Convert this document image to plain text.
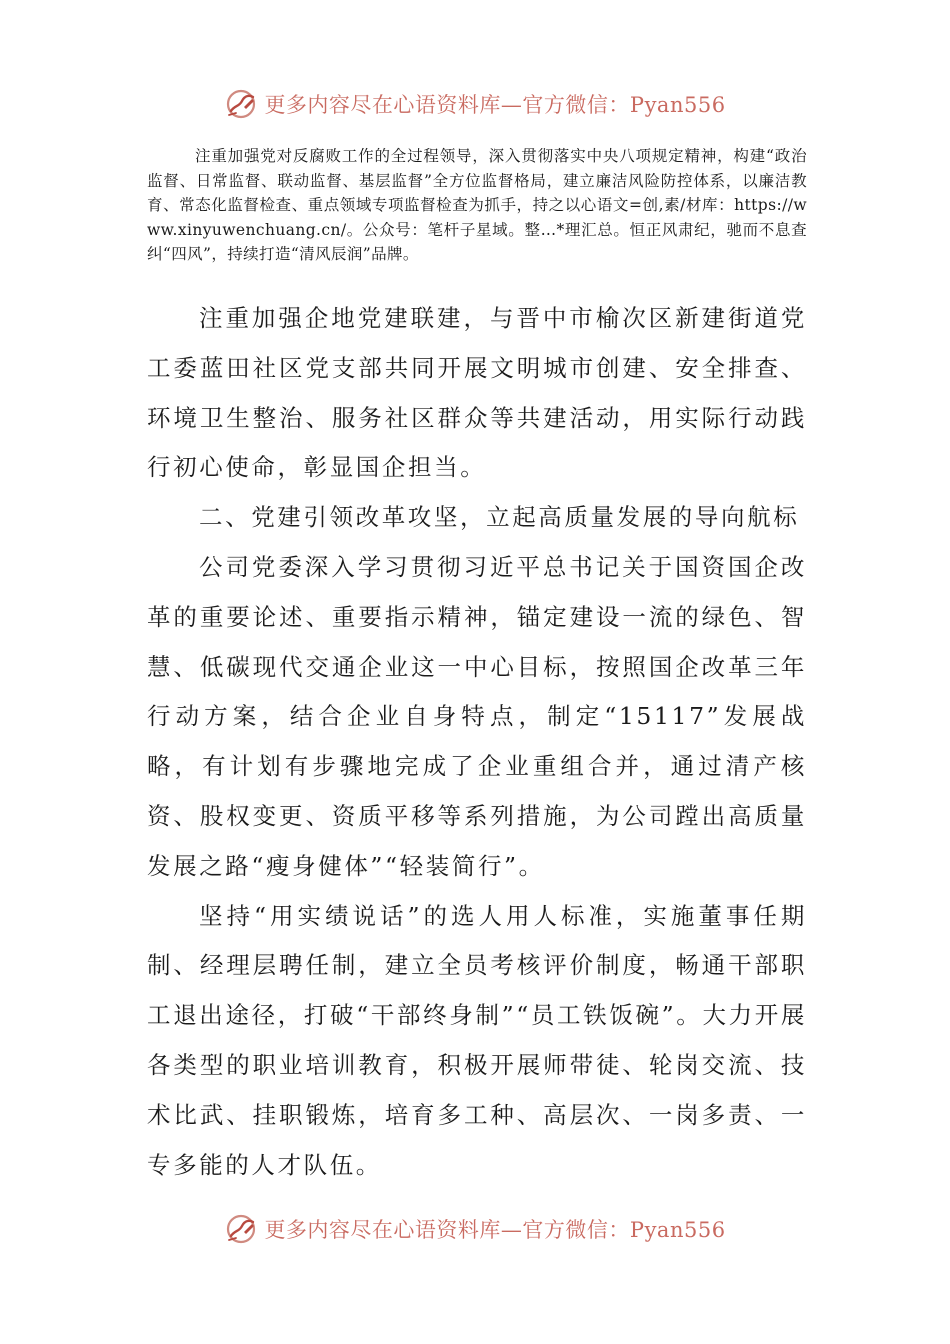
更多内容尽在心语资料库—官方微信：Pyan556

注重加强党对反腐败工作的全过程领导，深入贯彻落实中央八项规定精神，构建“政治监督、日常监督、联动监督、基层监督”全方位监督格局，建立廉洁风险防控体系，以廉洁教育、常态化监督检查、重点领域专项监督检查为抓手，持之以心语文=创,素/材库：https://www.xinyuwenchuang.cn/。公众号：笔杆子星域。整…*理汇总。恒正风肃纪，驰而不息查纠“四风”，持续打造“清风辰润”品牌。

注重加强企地党建联建，与晋中市榆次区新建街道党工委蓝田社区党支部共同开展文明城市创建、安全排查、环境卫生整治、服务社区群众等共建活动，用实际行动践行初心使命，彰显国企担当。

二、党建引领改革攻坚，立起高质量发展的导向航标

公司党委深入学习贯彻习近平总书记关于国资国企改革的重要论述、重要指示精神，锚定建设一流的绿色、智慧、低碳现代交通企业这一中心目标，按照国企改革三年行动方案，结合企业自身特点，制定“15117”发展战略，有计划有步骤地完成了企业重组合并，通过清产核资、股权变更、资质平移等系列措施，为公司蹚出高质量发展之路“瘦身健体”“轻装简行”。

坚持“用实绩说话”的选人用人标准，实施董事任期制、经理层聘任制，建立全员考核评价制度，畅通干部职工退出途径，打破“干部终身制”“员工铁饭碗”。大力开展各类型的职业培训教育，积极开展师带徒、轮岗交流、技术比武、挂职锻炼，培育多工种、高层次、一岗多责、一专多能的人才队伍。

更多内容尽在心语资料库—官方微信：Pyan556
